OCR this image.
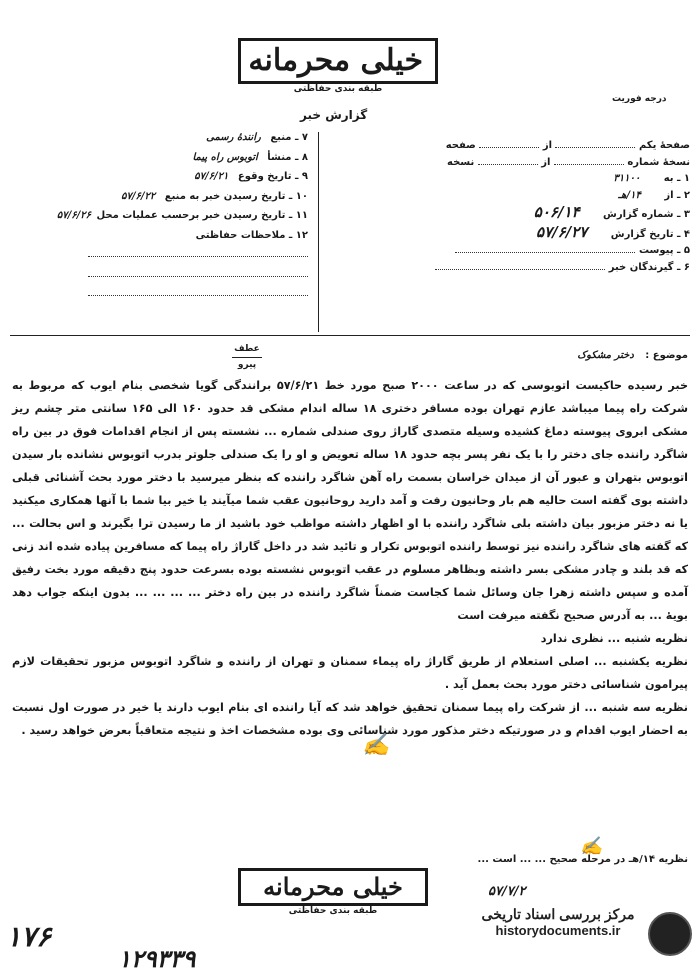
خیلی محرمانه
طبقه بندی حفاظتی
گزارش خبر
درجه فوریت
صفحهٔ یکم  از  صفحه
نسخهٔ شماره  از  نسخه
۱ ـ به ۳۱۱۰۰
۲ ـ از ۱۴/هـ
۳ ـ شماره گزارش ۵۰۶/۱۴
۴ ـ تاریخ گزارش ۵۷/۶/۲۷
۵ ـ پیوست
۶ ـ گیرندگان خبر
۷ ـ منبع رانندهٔ رسمی
۸ ـ منشأ اتوبوس راه پیما
۹ ـ تاریخ وقوع ۵۷/۶/۲۱
۱۰ ـ تاریخ رسیدن خبر به منبع ۵۷/۶/۲۲
۱۱ ـ تاریخ رسیدن خبر برحسب عملیات محل ۵۷/۶/۲۶
۱۲ ـ ملاحظات حفاظتی
عطف
پیرو
موضوع : دختر مشکوک

خبر رسیده حاکیست اتوبوسی که در ساعت ۲۰۰۰ صبح مورد خط ۵۷/۶/۲۱ برانندگی گویا شخصی بنام ایوب که مربوط به شرکت راه پیما میباشد عازم تهران بوده مسافر دختری ۱۸ ساله اندام مشکی قد حدود ۱۶۰ الی ۱۶۵ سانتی متر چشم ریز مشکی ابروی پیوسته دماغ کشیده وسیله متصدی گاراژ روی صندلی شماره ... نشسته پس از انجام اقدامات فوق در بین راه شاگرد راننده جای دختر را با یک نفر پسر بچه حدود ۱۸ ساله تعویض و او را یک صندلی جلوتر بدرب اتوبوس نشانده بار سیدن اتوبوس بتهران و عبور آن از میدان خراسان بسمت راه آهن شاگرد راننده که بنظر میرسید با دختر مورد بحث آشنائی قبلی داشته بوی گفته است حالیه هم بار وحانیون رفت و آمد دارید روحانیون عقب شما میآیند یا خیر بیا شما با آنها همکاری میکنید یا نه دختر مزبور بیان داشته بلی شاگرد راننده با او اظهار داشته مواظب خود باشید از ما رسیدن ترا بگیرند و اس بحالت ... که گفته های شاگرد راننده نیز توسط راننده اتوبوس تکرار و تائید شد در داخل گاراژ راه پیما که مسافرین پیاده شده اند زنی که قد بلند و چادر مشکی بسر داشته وبظاهر مسلوم در عقب اتوبوس نشسته بوده بسرعت حدود پنج دقیقه مورد بخت رفیق آمده و سپس داشته زهرا جان وسائل شما کجاست ضمناً شاگرد راننده در بین راه دختر ... ... ... ... بدون اینکه جواب دهد بویهٔ ... به آدرس صحیح نگفته میرفت است

نظریه شنبه ... نظری ندارد

نظریه یکشنبه ... اصلی استعلام از طریق گاراژ راه پیماء سمنان و تهران از راننده و شاگرد اتوبوس مزبور تحقیقات لازم پیرامون شناسائی دختر مورد بحث بعمل آید .

نظریه سه شنبه ... از شرکت راه پیما سمنان تحقیق خواهد شد که آیا راننده ای بنام ایوب دارند یا خیر در صورت اول نسبت به احضار ایوب اقدام و در صورتیکه دختر مذکور مورد شناسائی وی بوده مشخصات اخذ و نتیجه متعاقباً بعرض خواهد رسید .

✍
✍
نظریه ۱۴/هـ در مرحله صحیح ... ... است ...
خیلی محرمانه
طبقه بندی حفاظتی
۵۷/۷/۲
۱۷۶
۱۲۹۳۳۹
مرکز بررسی اسناد تاریخی
historydocuments.ir
